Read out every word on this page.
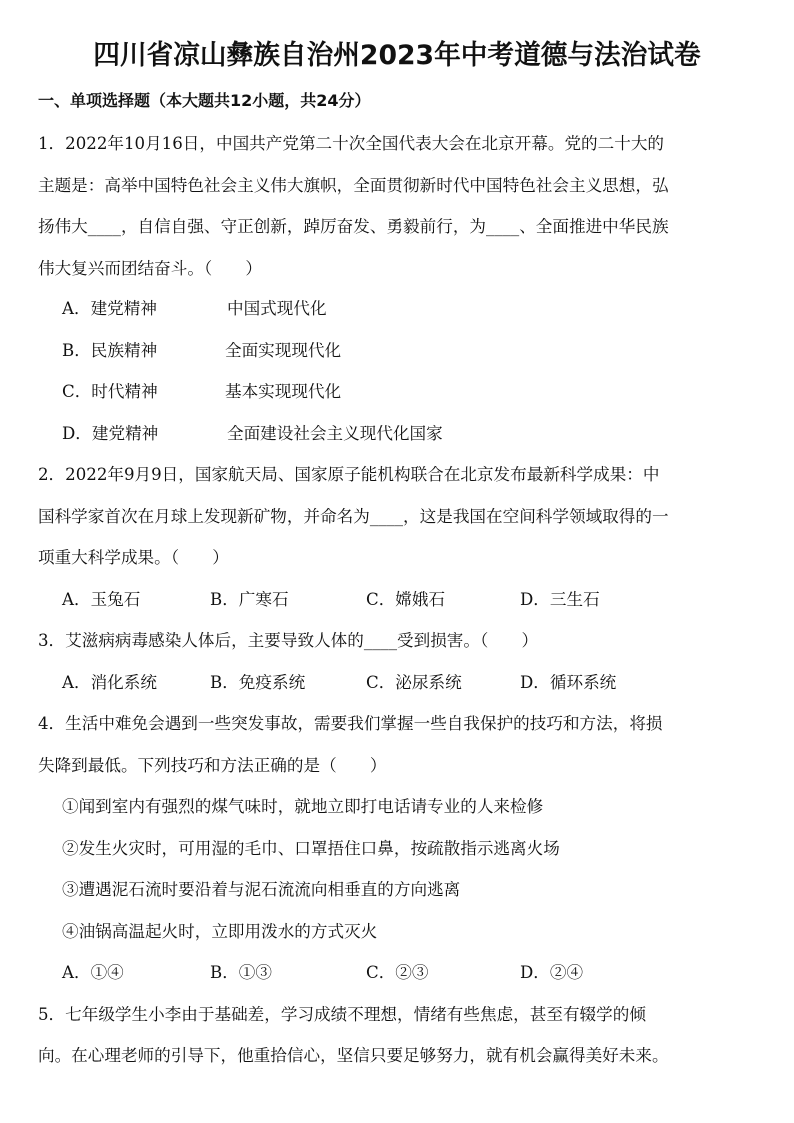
四川省凉山彝族自治州2023年中考道德与法治试卷
一、单项选择题（本大题共12小题，共24分）
1．2022年10月16日，中国共产党第二十次全国代表大会在北京开幕。党的二十大的
主题是：高举中国特色社会主义伟大旗帜，全面贯彻新时代中国特色社会主义思想，弘
扬伟大____，自信自强、守正创新，踔厉奋发、勇毅前行，为____、全面推进中华民族
伟大复兴而团结奋斗。（　　）
A．建党精神	中国式现代化
B．民族精神	全面实现现代化
C．时代精神	基本实现现代化
D．建党精神	全面建设社会主义现代化国家
2．2022年9月9日，国家航天局、国家原子能机构联合在北京发布最新科学成果：中
国科学家首次在月球上发现新矿物，并命名为____，这是我国在空间科学领域取得的一
项重大科学成果。（　　）
A．玉兔石	B．广寒石	C．嫦娥石	D．三生石
3．艾滋病病毒感染人体后，主要导致人体的____受到损害。（　　）
A．消化系统	B．免疫系统	C．泌尿系统	D．循环系统
4．生活中难免会遇到一些突发事故，需要我们掌握一些自我保护的技巧和方法，将损
失降到最低。下列技巧和方法正确的是（　　）
①闻到室内有强烈的煤气味时，就地立即打电话请专业的人来检修
②发生火灾时，可用湿的毛巾、口罩捂住口鼻，按疏散指示逃离火场
③遭遇泥石流时要沿着与泥石流流向相垂直的方向逃离
④油锅高温起火时，立即用泼水的方式灭火
A．①④	B．①③	C．②③	D．②④
5．七年级学生小李由于基础差，学习成绩不理想，情绪有些焦虑，甚至有辍学的倾
向。在心理老师的引导下，他重拾信心，坚信只要足够努力，就有机会赢得美好未来。
